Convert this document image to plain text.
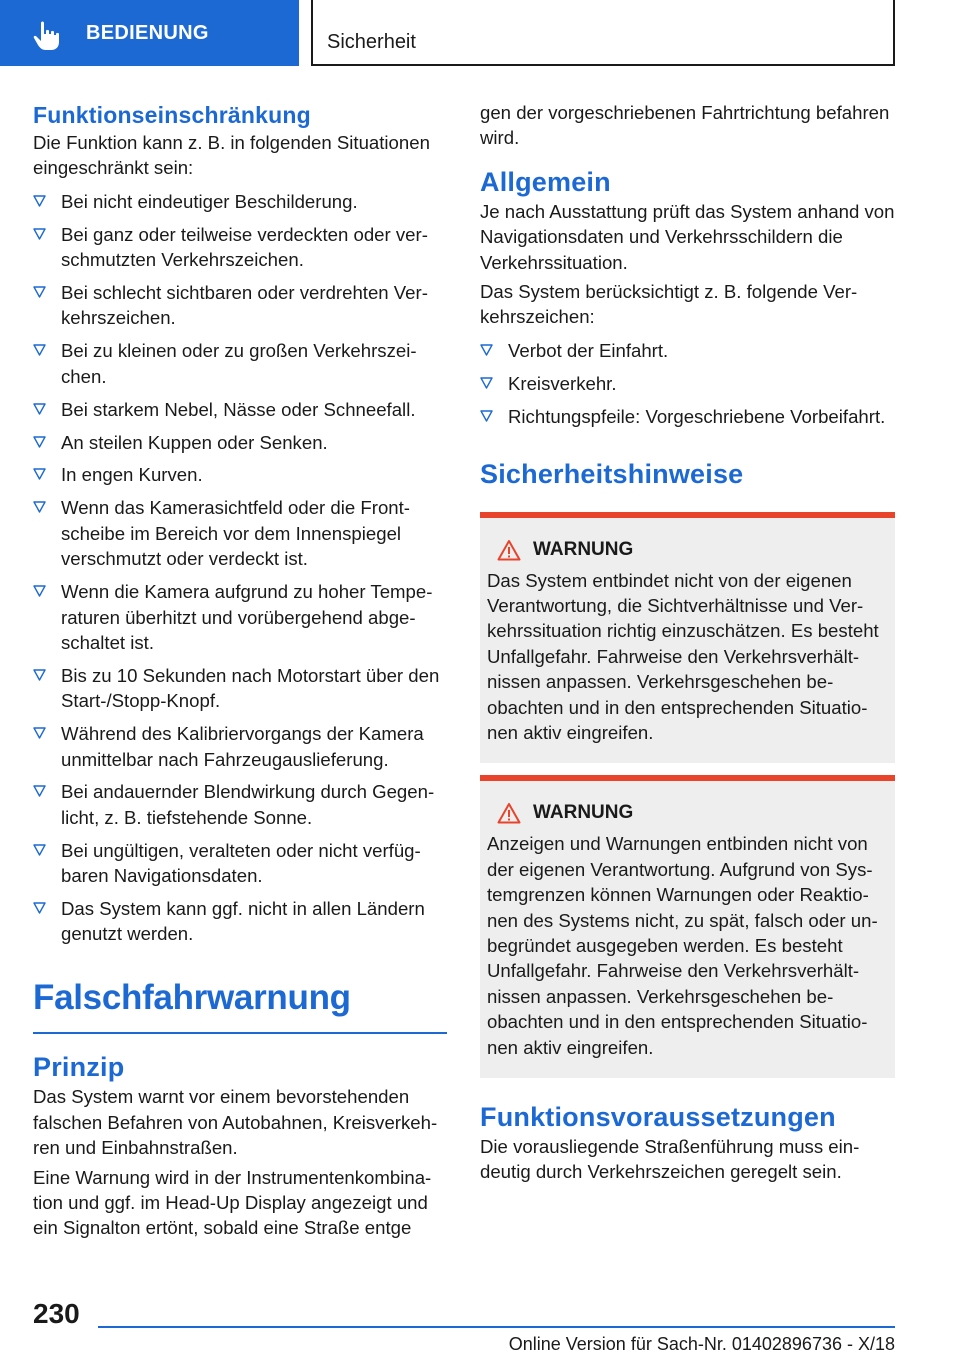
BEDIENUNG	Sicherheit
Funktionseinschränkung

Die Funktion kann z. B. in folgenden Situationen eingeschränkt sein:

Bei nicht eindeutiger Beschilderung.
Bei ganz oder teilweise verdeckten oder verschmutzten Verkehrszeichen.
Bei schlecht sichtbaren oder verdrehten Verkehrszeichen.
Bei zu kleinen oder zu großen Verkehrszeichen.
Bei starkem Nebel, Nässe oder Schneefall.
An steilen Kuppen oder Senken.
In engen Kurven.
Wenn das Kamerasichtfeld oder die Frontscheibe im Bereich vor dem Innenspiegel verschmutzt oder verdeckt ist.
Wenn die Kamera aufgrund zu hoher Temperaturen überhitzt und vorübergehend abgeschaltet ist.
Bis zu 10 Sekunden nach Motorstart über den Start-/Stopp-Knopf.
Während des Kalibriervorgangs der Kamera unmittelbar nach Fahrzeugauslieferung.
Bei andauernder Blendwirkung durch Gegenlicht, z. B. tiefstehende Sonne.
Bei ungültigen, veralteten oder nicht verfügbaren Navigationsdaten.
Das System kann ggf. nicht in allen Ländern genutzt werden.
Falschfahrwarnung
Prinzip

Das System warnt vor einem bevorstehenden falschen Befahren von Autobahnen, Kreisverkehren und Einbahnstraßen.

Eine Warnung wird in der Instrumentenkombination und ggf. im Head-Up Display angezeigt und ein Signalton ertönt, sobald eine Straße entge

gen der vorgeschriebenen Fahrtrichtung befahren wird.

Allgemein

Je nach Ausstattung prüft das System anhand von Navigationsdaten und Verkehrsschildern die Verkehrssituation.

Das System berücksichtigt z. B. folgende Verkehrszeichen:

Verbot der Einfahrt.
Kreisverkehr.
Richtungspfeile: Vorgeschriebene Vorbeifahrt.
Sicherheitshinweise
WARNUNG

Das System entbindet nicht von der eigenen Verantwortung, die Sichtverhältnisse und Verkehrssituation richtig einzuschätzen. Es besteht Unfallgefahr. Fahrweise den Verkehrsverhältnissen anpassen. Verkehrsgeschehen beobachten und in den entsprechenden Situationen aktiv eingreifen.

WARNUNG

Anzeigen und Warnungen entbinden nicht von der eigenen Verantwortung. Aufgrund von Systemgrenzen können Warnungen oder Reaktionen des Systems nicht, zu spät, falsch oder unbegründet ausgegeben werden. Es besteht Unfallgefahr. Fahrweise den Verkehrsverhältnissen anpassen. Verkehrsgeschehen beobachten und in den entsprechenden Situationen aktiv eingreifen.

Funktionsvoraussetzungen

Die vorausliegende Straßenführung muss eindeutig durch Verkehrszeichen geregelt sein.

230
Online Version für Sach-Nr. 01402896736 - X/18
